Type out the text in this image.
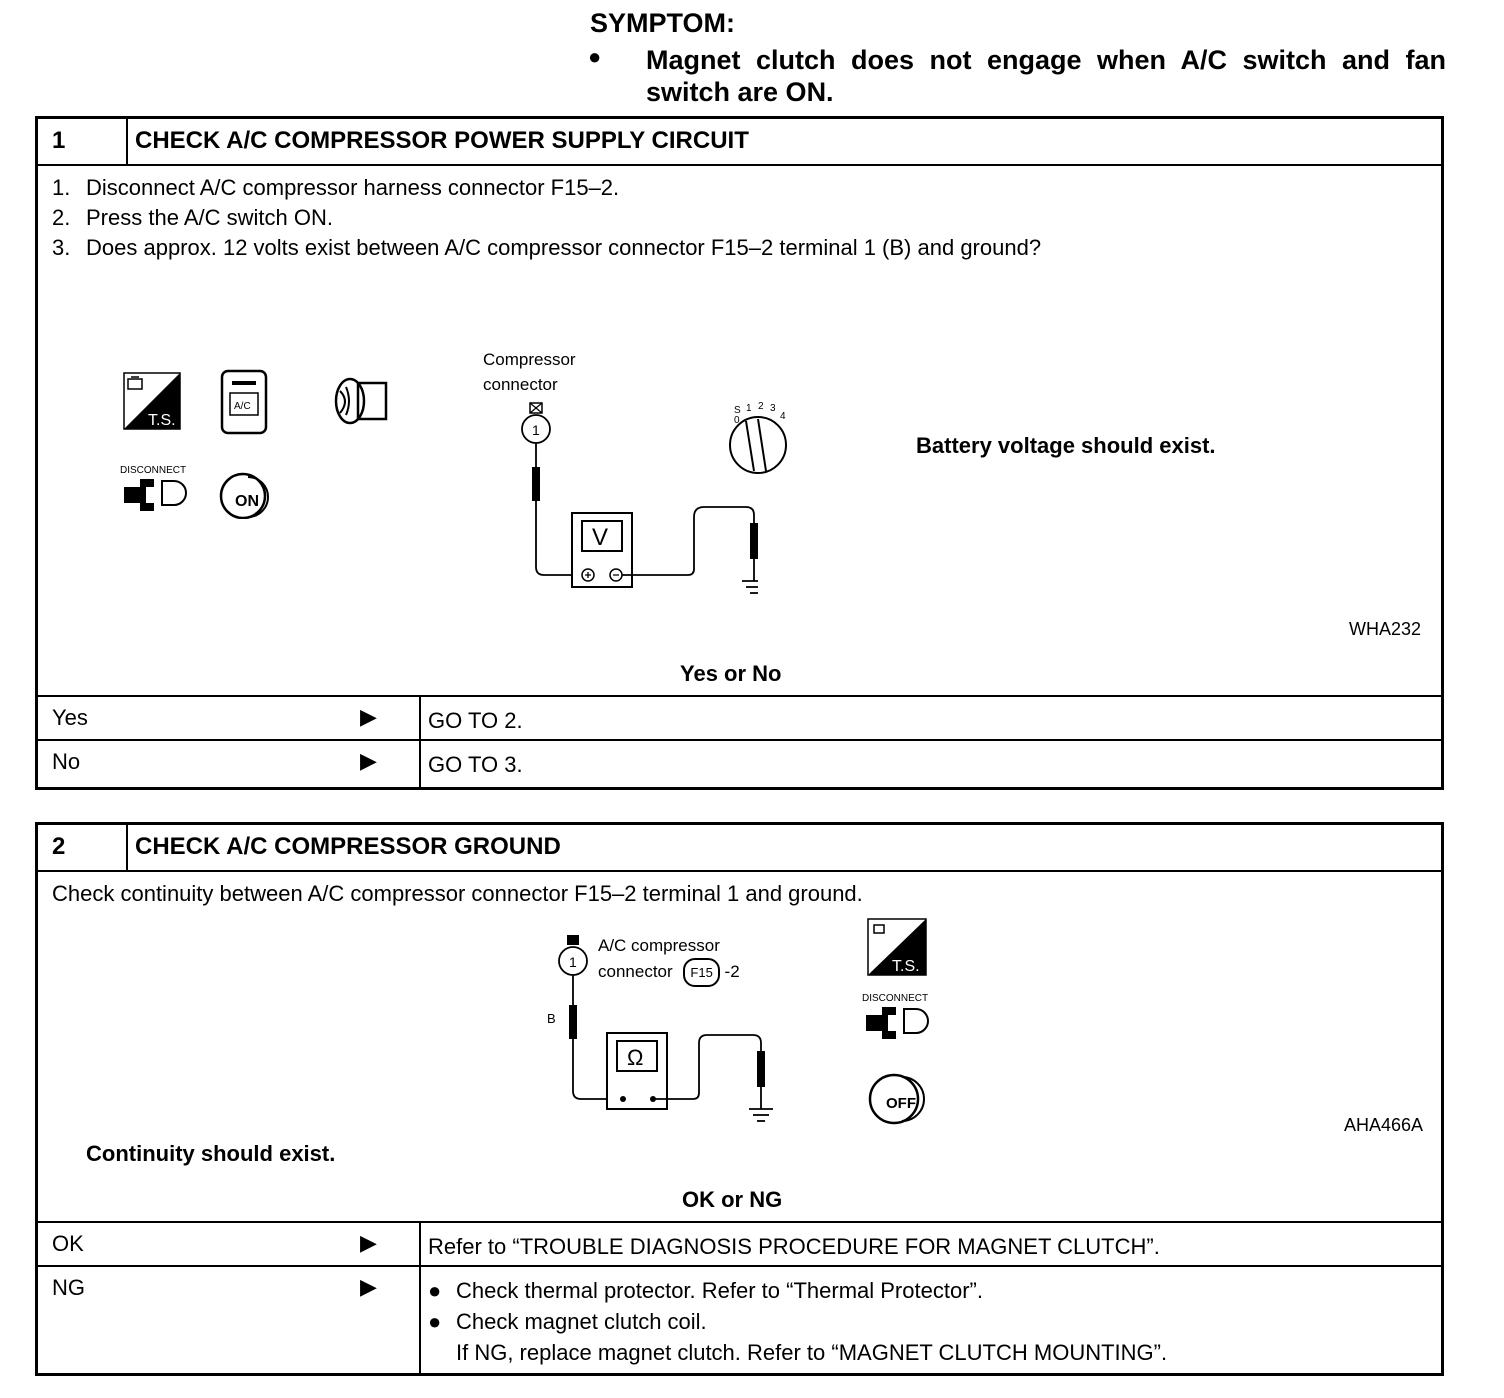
SYMPTOM:
● Magnet clutch does not engage when A/C switch and fan switch are ON.
1	CHECK A/C COMPRESSOR POWER SUPPLY CIRCUIT
1. Disconnect A/C compressor harness connector F15–2.
2. Press the A/C switch ON.
3. Does approx. 12 volts exist between A/C compressor connector F15–2 terminal 1 (B) and ground?
T.S.
A/C
DISCONNECT
ON
Compressor
connector
1
V
S
0
1 2 3
4
Battery voltage should exist.
WHA232
Yes or No
Yes	▶ GO TO 2.
No	▶ GO TO 3.
2	CHECK A/C COMPRESSOR GROUND
Check continuity between A/C compressor connector F15–2 terminal 1 and ground.
A/C compressor
connector F15 -2
1
B
Ω
T.S.
DISCONNECT
OFF
AHA466A
Continuity should exist.
OK or NG
OK	▶ Refer to “TROUBLE DIAGNOSIS PROCEDURE FOR MAGNET CLUTCH”.
NG	▶ ● Check thermal protector. Refer to “Thermal Protector”.
● Check magnet clutch coil.
If NG, replace magnet clutch. Refer to “MAGNET CLUTCH MOUNTING”.
